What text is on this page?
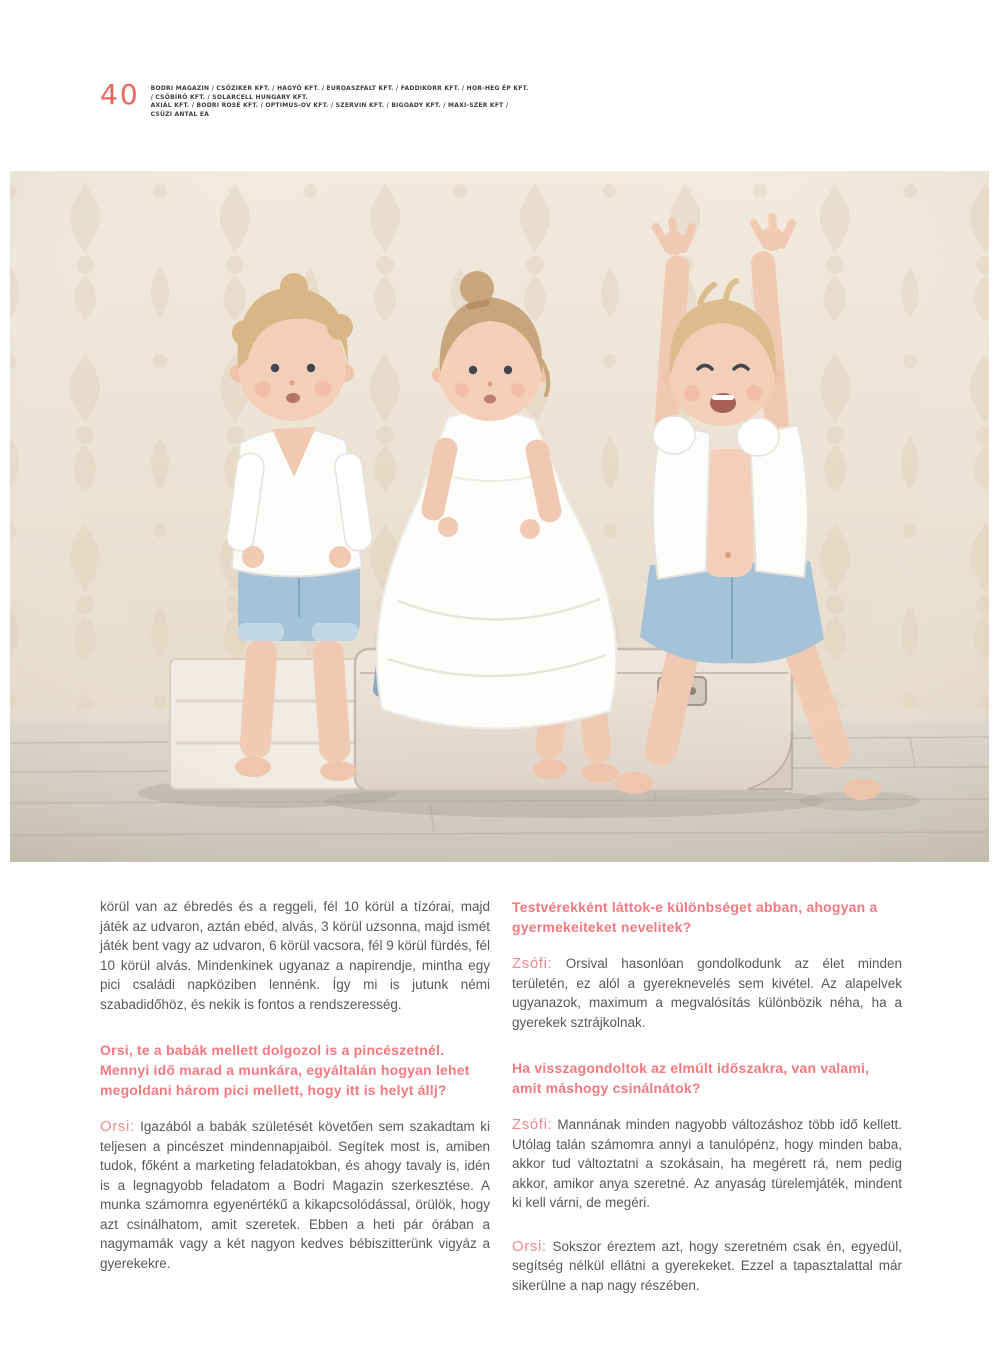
40 BODRI MAGAZIN / CSŐZIKER KFT. / HAGYÓ KFT. / EUROASZFALT KFT. / FADDIKORR KFT. / HOR-HEG ÉP KFT. / CSŐBÍRÓ KFT. / SOLARCELL HUNGARY KFT.
AXIÁL KFT. / BODRI ROSÉ KFT. / OPTIMUS-OV KFT. / SZERVIN KFT. / BIGOADY KFT. / MAXI-SZER KFT / CSŰZI ANTAL EA

körül van az ébredés és a reggeli, fél 10 körül a tízórai, majd játék az udvaron, aztán ebéd, alvás, 3 körül uzsonna, majd ismét játék bent vagy az udvaron, 6 körül vacsora, fél 9 körül fürdés, fél 10 körül alvás. Mindenkinek ugyanaz a napirendje, mintha egy pici családi napköziben lennénk. Így mi is jutunk némi szabadidőhöz, és nekik is fontos a rendszeresség.

Orsi, te a babák mellett dolgozol is a pincészetnél. Mennyi idő marad a munkára, egyáltalán hogyan lehet megoldani három pici mellett, hogy itt is helyt állj?

Orsi: Igazából a babák születését követően sem szakadtam ki teljesen a pincészet mindennapjaiból. Segítek most is, amiben tudok, főként a marketing feladatokban, és ahogy tavaly is, idén is a legnagyobb feladatom a Bodri Magazin szerkesztése. A munka számomra egyenértékű a kikapcsolódással, örülök, hogy azt csinálhatom, amit szeretek. Ebben a heti pár órában a nagymamák vagy a két nagyon kedves bébiszitterünk vigyáz a gyerekekre.

Testvérekként láttok-e különbséget abban, ahogyan a gyermekeiteket nevelitek?

Zsófi: Orsival hasonlóan gondolkodunk az élet minden területén, ez alól a gyereknevelés sem kivétel. Az alapelvek ugyanazok, maximum a megvalósítás különbözik néha, ha a gyerekek sztrájkolnak.

Ha visszagondoltok az elmúlt időszakra, van valami, amit máshogy csinálnátok?

Zsófi: Mannának minden nagyobb változáshoz több idő kellett. Utólag talán számomra annyi a tanulópénz, hogy minden baba, akkor tud változtatni a szokásain, ha megérett rá, nem pedig akkor, amikor anya szeretné. Az anyaság türelemjáték, mindent ki kell várni, de megéri.

Orsi: Sokszor éreztem azt, hogy szeretném csak én, egyedül, segítség nélkül ellátni a gyerekeket. Ezzel a tapasztalattal már sikerülne a nap nagy részében.
